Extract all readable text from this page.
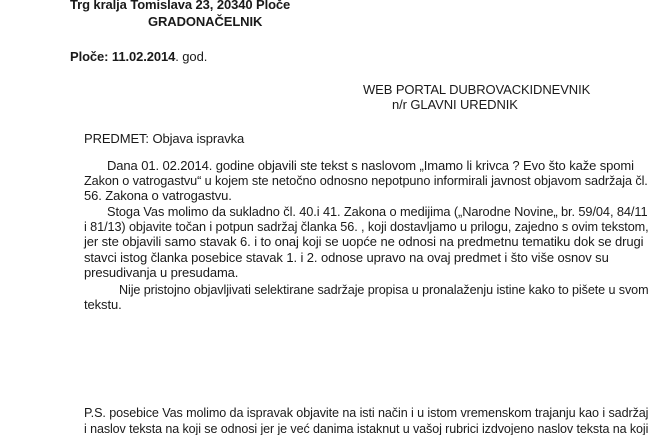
Trg kralja Tomislava 23, 20340 Ploče
GRADONAČELNIK
Ploče: 11.02.2014. god.
WEB PORTAL DUBROVACKIDNEVNIK
n/r GLAVNI UREDNIK
PREDMET: Objava ispravka
Dana 01. 02.2014. godine objavili ste tekst s naslovom „Imamo li krivca ? Evo što kaže spomi
Zakon o vatrogastvu“ u kojem ste netočno odnosno nepotpuno informirali javnost objavom sadržaja čl.
56. Zakona o vatrogastvu.
Stoga Vas molimo da sukladno čl. 40.i 41. Zakona o medijima („Narodne Novine„ br. 59/04, 84/11
i 81/13) objavite točan i potpun sadržaj članka 56. , koji dostavljamo u prilogu, zajedno s ovim tekstom,
jer ste objavili samo stavak 6. i to onaj koji se uopće ne odnosi na predmetnu tematiku dok se drugi
stavci istog članka posebice stavak 1. i 2. odnose upravo na ovaj predmet i što više osnov su
presudivanja u presudama.
Nije pristojno objavljivati selektirane sadržaje propisa u pronalaženju istine kako to pišete u svom
tekstu.
P.S. posebice Vas molimo da ispravak objavite na isti način i u istom vremenskom trajanju kao i sadržaj
i naslov teksta na koji se odnosi jer je već danima istaknut u vašoj rubrici izdvojeno naslov teksta na koji
